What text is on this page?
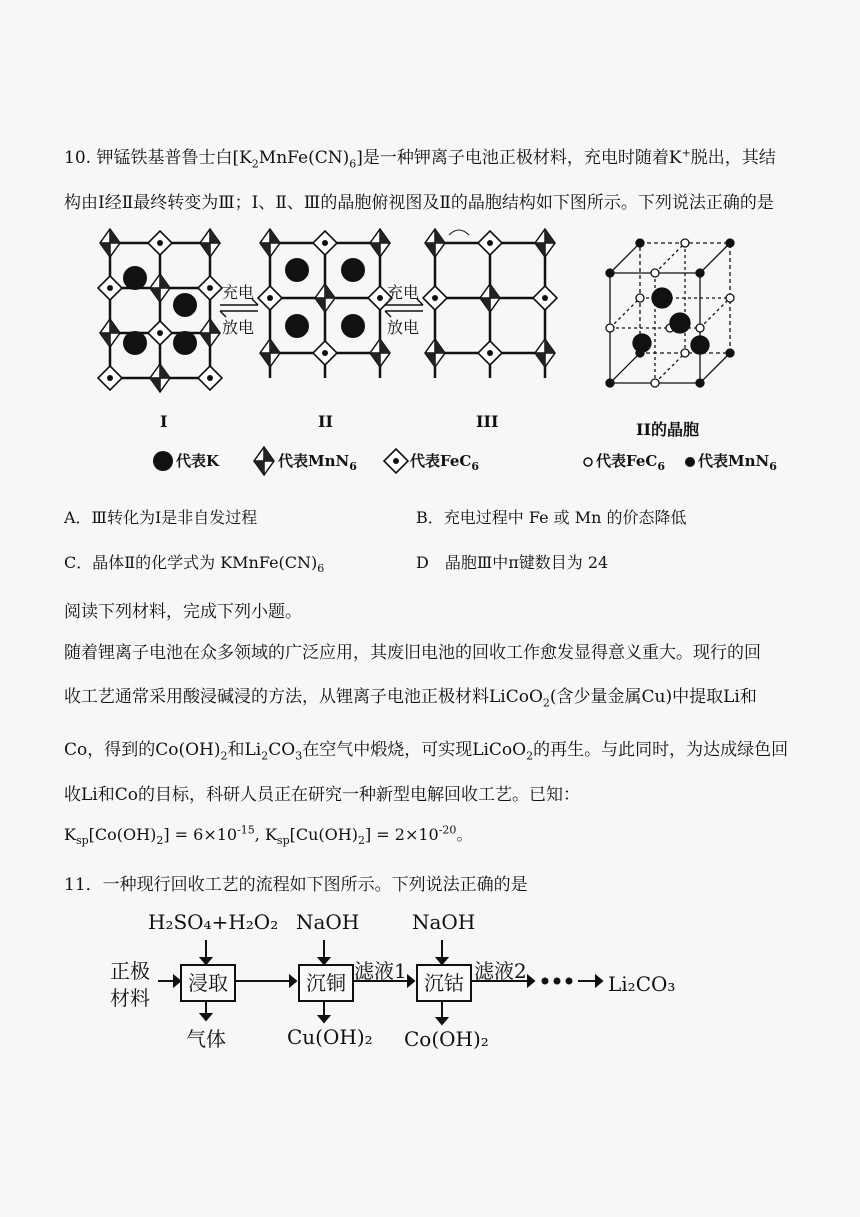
10. 钾锰铁基普鲁士白$[K_2MnFe(CN)_6]$是一种钾离子电池正极材料，充电时随着K+脱出，其结
构由Ⅰ经Ⅱ最终转变为Ⅲ；Ⅰ、Ⅱ、Ⅲ的晶胞俯视图及Ⅱ的晶胞结构如下图所示。下列说法正确的是
充电
放电
充电
放电
I	II	III	II的晶胞
代表K	代表MnN$_6$	代表FeC$_6$	代表FeC$_6$ 代表MnN$_6$
A．Ⅲ转化为Ⅰ是非自发过程	B．充电过程中 Fe 或 Mn 的价态降低
C．晶体Ⅱ的化学式为 $KMnFe(CN)_6$	D　晶胞Ⅲ中π键数目为 24
阅读下列材料，完成下列小题。
随着锂离子电池在众多领域的广泛应用，其废旧电池的回收工作愈发显得意义重大。现行的回
收工艺通常采用酸浸碱浸的方法，从锂离子电池正极材料LiCoO$_2$(含少量金属Cu)中提取Li和
Co，得到的$Co(OH)_2$和$Li_2CO_3$在空气中煅烧，可实现LiCoO$_2$的再生。与此同时，为达成绿色回
收Li和Co的目标，科研人员正在研究一种新型电解回收工艺。已知：
$K_{sp}[Co(OH)_2] = 6\times 10^{-15}$, $K_{sp}[Cu(OH)_2] = 2\times 10^{-20}$。
11．一种现行回收工艺的流程如下图所示。下列说法正确的是
H₂SO₄+H₂O₂ NaOH	NaOH
正极
材料
浸取	沉铜	沉钴
滤液1	滤液2
Li₂CO₃
气体	Cu(OH)₂ Co(OH)₂
